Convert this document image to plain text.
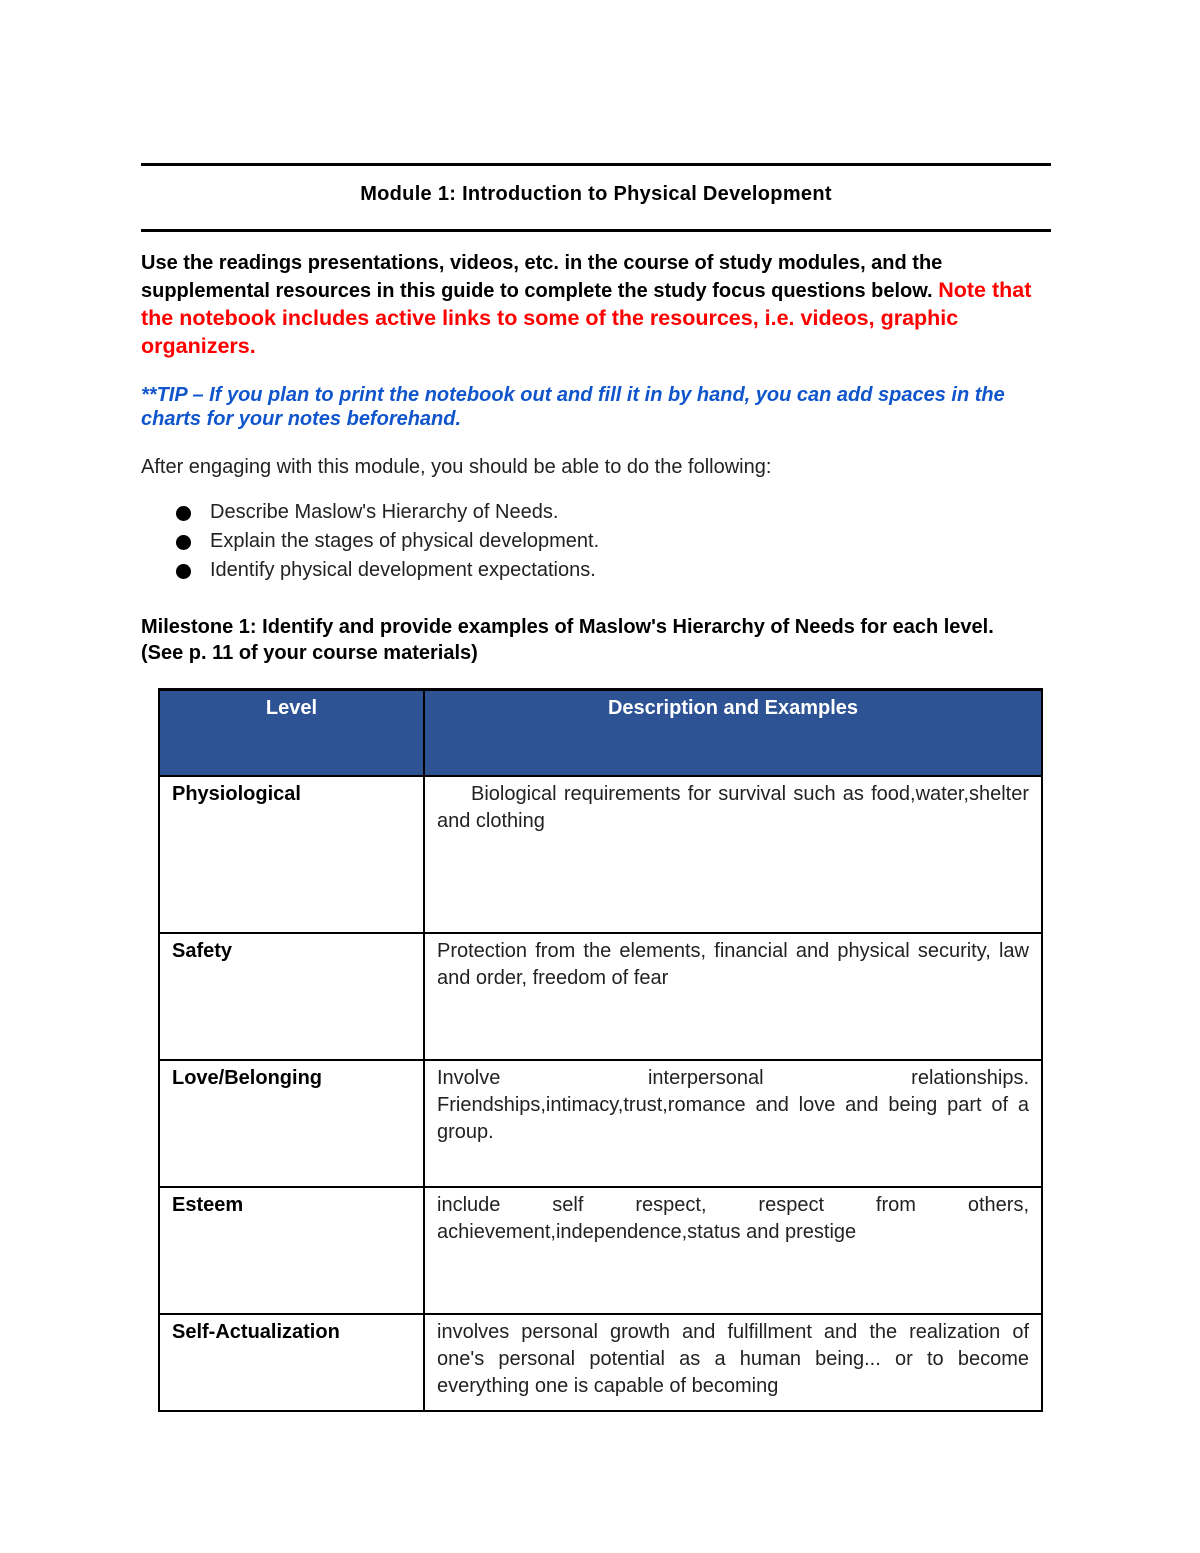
Module 1: Introduction to Physical Development
Use the readings presentations, videos, etc. in the course of study modules, and the supplemental resources in this guide to complete the study focus questions below. Note that the notebook includes active links to some of the resources, i.e. videos, graphic organizers.
**TIP – If you plan to print the notebook out and fill it in by hand, you can add spaces in the charts for your notes beforehand.
After engaging with this module, you should be able to do the following:
Describe Maslow's Hierarchy of Needs.
Explain the stages of physical development.
Identify physical development expectations.
Milestone 1: Identify and provide examples of Maslow's Hierarchy of Needs for each level. (See p. 11 of your course materials)
Level	Description and Examples
Physiological	Biological requirements for survival such as food,water,shelter and clothing
Safety	Protection from the elements, financial and physical security, law and order, freedom of fear
Love/Belonging	Involve interpersonal relationships. Friendships,intimacy,trust,romance and love and being part of a group.
Esteem	include self respect, respect from others, achievement,independence,status and prestige
Self-Actualization	involves personal growth and fulfillment and the realization of one's personal potential as a human being... or to become everything one is capable of becoming
